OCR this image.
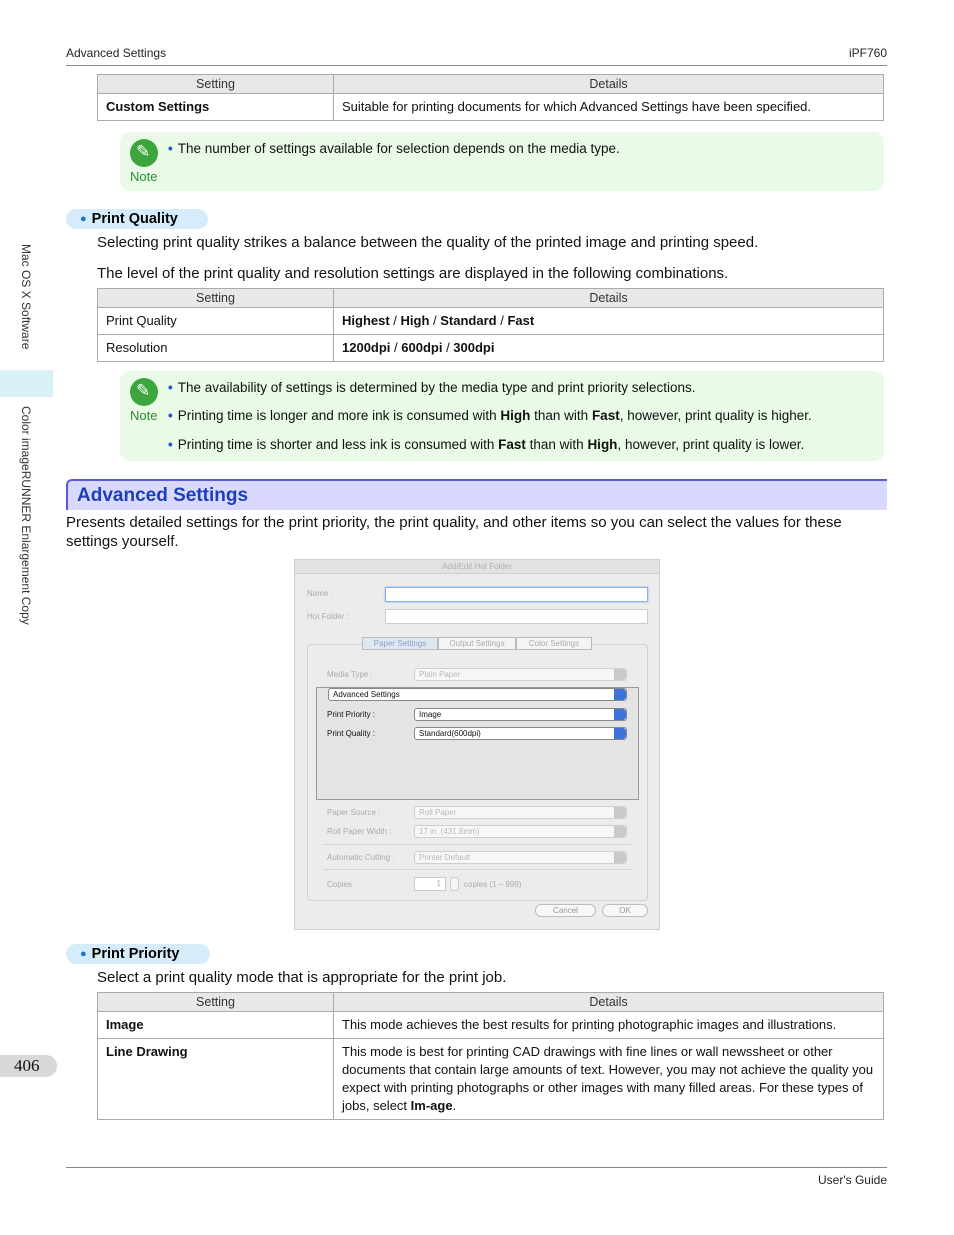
Advanced Settings	iPF760
Mac OS X Software
Color imageRUNNER Enlargement Copy
Setting	Details
Custom Settings	Suitable for printing documents for which Advanced Settings have been specified.
✎
Note
• The number of settings available for selection depends on the media type.
● Print Quality
Selecting print quality strikes a balance between the quality of the printed image and printing speed.
The level of the print quality and resolution settings are displayed in the following combinations.
Setting	Details
Print Quality	Highest / High / Standard / Fast
Resolution	1200dpi / 600dpi / 300dpi
✎
Note
• The availability of settings is determined by the media type and print priority selections.
• Printing time is longer and more ink is consumed with High than with Fast, however, print quality is higher.
• Printing time is shorter and less ink is consumed with Fast than with High, however, print quality is lower.
Advanced Settings
Presents detailed settings for the print priority, the print quality, and other items so you can select the values for these settings yourself.
Add/Edit Hot Folder
Name :
Hot Folder :
Paper Settings	Output Settings	Color Settings
Media Type :	Plain Paper
Advanced Settings
Print Priority :	Image
Print Quality :	Standard(600dpi)
Paper Source :	Roll Paper
Roll Paper Width :	17 in. (431.8mm)
Automatic Cutting :	Printer Default
Copies	1	copies (1 – 999)
Cancel	OK
● Print Priority
Select a print quality mode that is appropriate for the print job.
Setting	Details
Image	This mode achieves the best results for printing photographic images and illustrations.
Line Drawing	This mode is best for printing CAD drawings with fine lines or wall newssheet or other documents that contain large amounts of text. However, you may not achieve the quality you expect with printing photographs or other images with many filled areas. For these types of jobs, select Im-age.
406
User's Guide
